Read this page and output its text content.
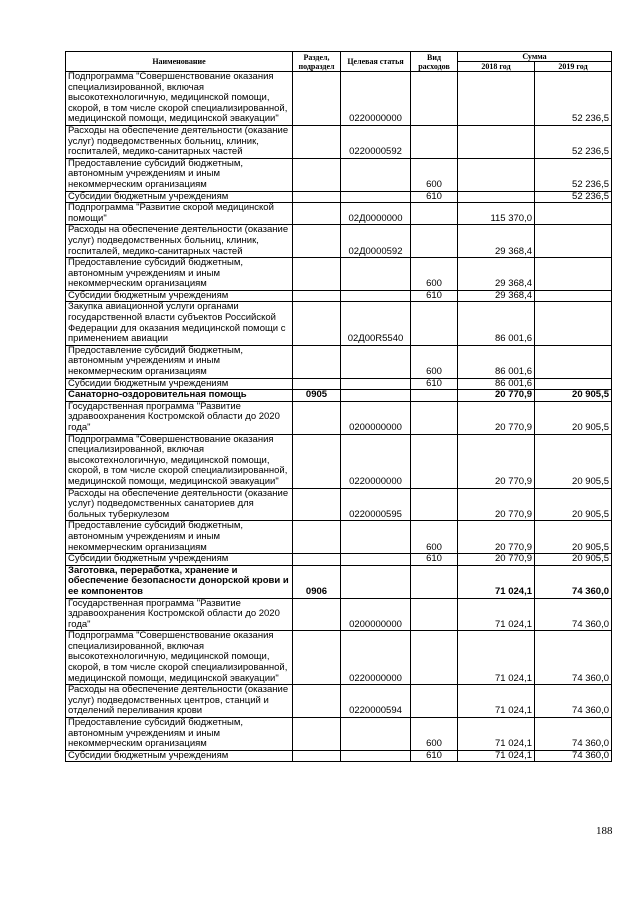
Наименование	Раздел, подраздел	Целевая статья	Вид расходов	Сумма	
				2018 год	2019 год
Подпрограмма "Совершенствование оказания специализированной, включая высокотехнологичную, медицинской помощи, скорой, в том числе скорой специализированной, медицинской помощи, медицинской эвакуации"		0220000000			52 236,5
Расходы на обеспечение деятельности (оказание услуг) подведомственных больниц, клиник, госпиталей, медико-санитарных частей		0220000592			52 236,5
Предоставление субсидий бюджетным, автономным учреждениям и иным некоммерческим организациям			600		52 236,5
Субсидии бюджетным учреждениям			610		52 236,5
Подпрограмма "Развитие скорой медицинской помощи"		02Д0000000		115 370,0	
Расходы на обеспечение деятельности (оказание услуг) подведомственных больниц, клиник, госпиталей, медико-санитарных частей		02Д0000592		29 368,4	
Предоставление субсидий бюджетным, автономным учреждениям и иным некоммерческим организациям			600	29 368,4	
Субсидии бюджетным учреждениям			610	29 368,4	
Закупка авиационной услуги органами государственной власти субъектов Российской Федерации для оказания медицинской помощи с применением авиации		02Д00R5540		86 001,6	
Предоставление субсидий бюджетным, автономным учреждениям и иным некоммерческим организациям			600	86 001,6	
Субсидии бюджетным учреждениям			610	86 001,6	
Санаторно-оздоровительная помощь	0905			20 770,9	20 905,5
Государственная программа "Развитие здравоохранения Костромской области до 2020 года"		0200000000		20 770,9	20 905,5
Подпрограмма "Совершенствование оказания специализированной, включая высокотехнологичную, медицинской помощи, скорой, в том числе скорой специализированной, медицинской помощи, медицинской эвакуации"		0220000000		20 770,9	20 905,5
Расходы на обеспечение деятельности (оказание услуг) подведомственных санаториев для больных туберкулезом		0220000595		20 770,9	20 905,5
Предоставление субсидий бюджетным, автономным учреждениям и иным некоммерческим организациям			600	20 770,9	20 905,5
Субсидии бюджетным учреждениям			610	20 770,9	20 905,5
Заготовка, переработка, хранение и обеспечение безопасности донорской крови и ее компонентов	0906			71 024,1	74 360,0
Государственная программа "Развитие здравоохранения Костромской области до 2020 года"		0200000000		71 024,1	74 360,0
Подпрограмма "Совершенствование оказания специализированной, включая высокотехнологичную, медицинской помощи, скорой, в том числе скорой специализированной, медицинской помощи, медицинской эвакуации"		0220000000		71 024,1	74 360,0
Расходы на обеспечение деятельности (оказание услуг) подведомственных центров, станций и отделений переливания крови		0220000594		71 024,1	74 360,0
Предоставление субсидий бюджетным, автономным учреждениям и иным некоммерческим организациям			600	71 024,1	74 360,0
Субсидии бюджетным учреждениям			610	71 024,1	74 360,0
188
